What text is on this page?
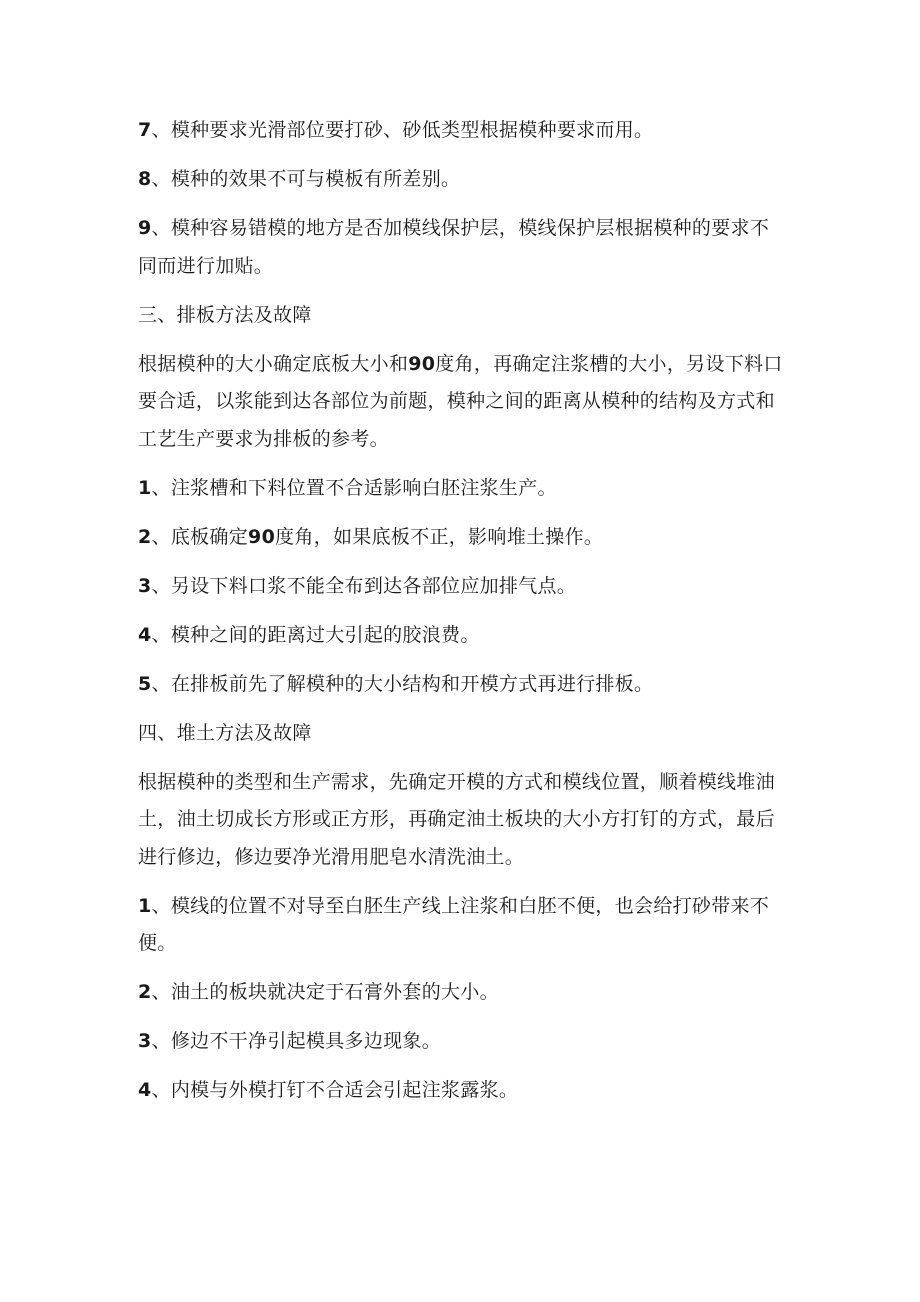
7、模种要求光滑部位要打砂、砂低类型根据模种要求而用。

8、模种的效果不可与模板有所差别。

9、模种容易错模的地方是否加模线保护层，模线保护层根据模种的要求不同而进行加贴。

三、排板方法及故障

根据模种的大小确定底板大小和90度角，再确定注浆槽的大小，另设下料口要合适，以浆能到达各部位为前题，模种之间的距离从模种的结构及方式和工艺生产要求为排板的参考。

1、注浆槽和下料位置不合适影响白胚注浆生产。

2、底板确定90度角，如果底板不正，影响堆土操作。

3、另设下料口浆不能全布到达各部位应加排气点。

4、模种之间的距离过大引起的胶浪费。

5、在排板前先了解模种的大小结构和开模方式再进行排板。

四、堆土方法及故障

根据模种的类型和生产需求，先确定开模的方式和模线位置，顺着模线堆油土，油土切成长方形或正方形，再确定油土板块的大小方打钉的方式，最后进行修边，修边要净光滑用肥皂水清洗油土。

1、模线的位置不对导至白胚生产线上注浆和白胚不便，也会给打砂带来不便。

2、油土的板块就决定于石膏外套的大小。

3、修边不干净引起模具多边现象。

4、内模与外模打钉不合适会引起注浆露浆。
